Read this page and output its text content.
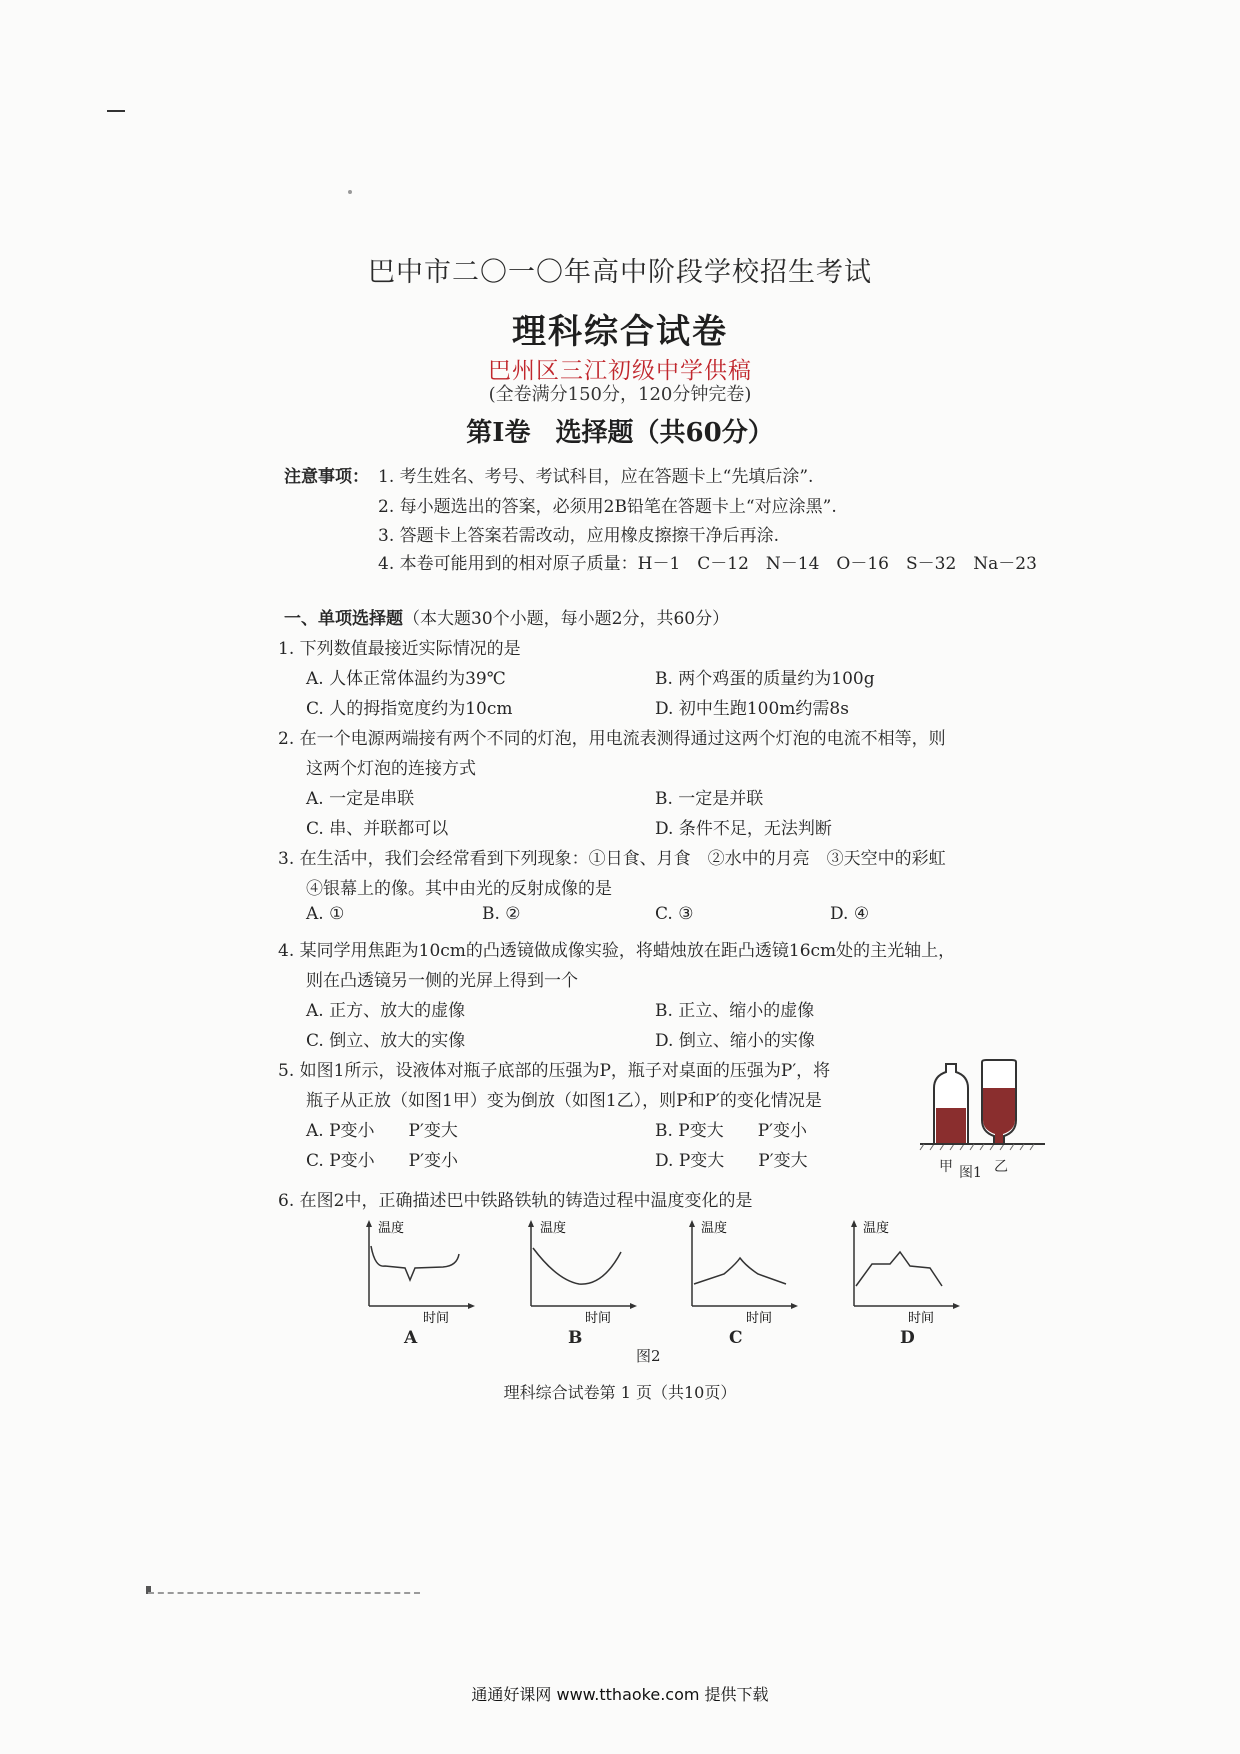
巴中市二〇一〇年高中阶段学校招生考试
理科综合试卷
巴州区三江初级中学供稿
(全卷满分150分，120分钟完卷)
第Ⅰ卷 选择题（共60分）
注意事项： 1. 考生姓名、考号、考试科目，应在答题卡上“先填后涂”.
2. 每小题选出的答案，必须用2B铅笔在答题卡上“对应涂黑”.
3. 答题卡上答案若需改动，应用橡皮擦擦干净后再涂.
4. 本卷可能用到的相对原子质量：H－1　C－12　N－14　O－16　S－32　Na－23
一、单项选择题（本大题30个小题，每小题2分，共60分）
1. 下列数值最接近实际情况的是
A. 人体正常体温约为39℃	B. 两个鸡蛋的质量约为100g
C. 人的拇指宽度约为10cm	D. 初中生跑100m约需8s
2. 在一个电源两端接有两个不同的灯泡，用电流表测得通过这两个灯泡的电流不相等，则
这两个灯泡的连接方式
A. 一定是串联	B. 一定是并联
C. 串、并联都可以	D. 条件不足，无法判断
3. 在生活中，我们会经常看到下列现象：①日食、月食　②水中的月亮　③天空中的彩虹
④银幕上的像。其中由光的反射成像的是
A. ①	B. ②	C. ③	D. ④
4. 某同学用焦距为10cm的凸透镜做成像实验，将蜡烛放在距凸透镜16cm处的主光轴上，
则在凸透镜另一侧的光屏上得到一个
A. 正方、放大的虚像	B. 正立、缩小的虚像
C. 倒立、放大的实像	D. 倒立、缩小的实像
5. 如图1所示，设液体对瓶子底部的压强为P，瓶子对桌面的压强为P′，将
瓶子从正放（如图1甲）变为倒放（如图1乙），则P和P′的变化情况是
A. P变小　　P′变大	B. P变大　　P′变小
C. P变小　　P′变小	D. P变大　　P′变大	甲	乙
图1
6. 在图2中，正确描述巴中铁路铁轨的铸造过程中温度变化的是
温度
时间
温度
时间
温度
时间
温度
时间
A	B	C	D
图2
理科综合试卷第 1 页（共10页）
通通好课网 www.tthaoke.com 提供下载
